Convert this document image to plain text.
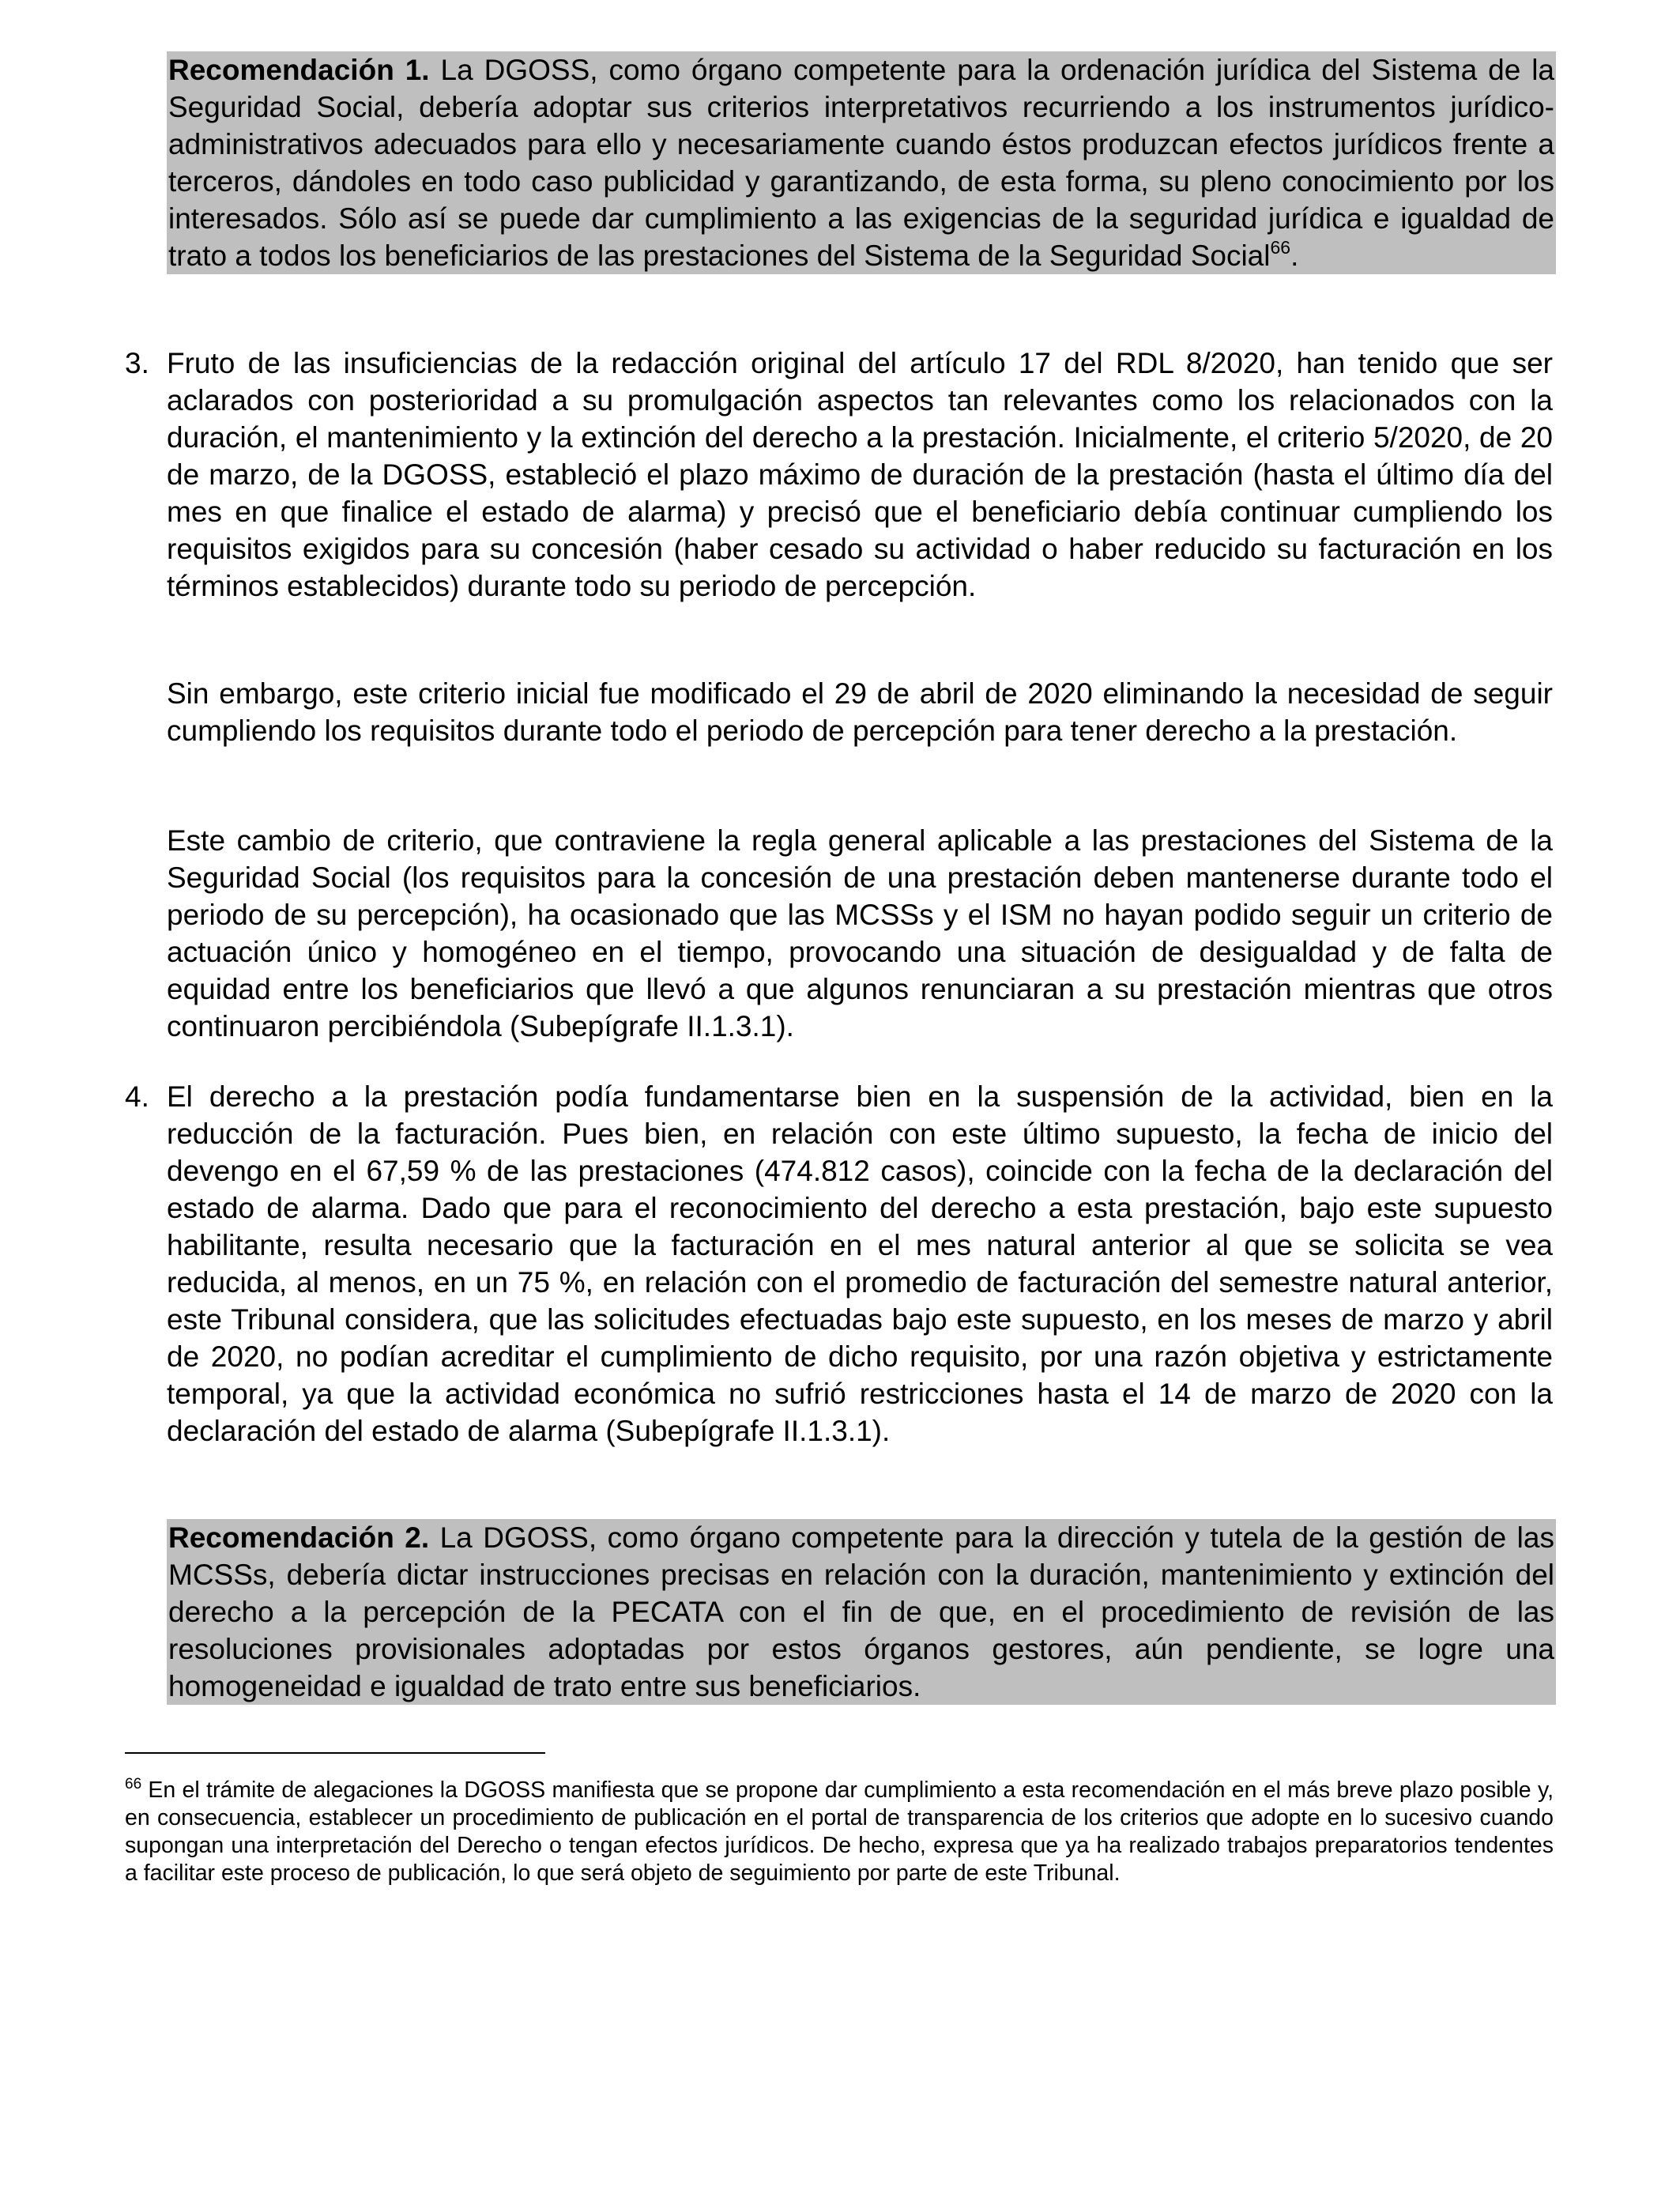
Recomendación 1. La DGOSS, como órgano competente para la ordenación jurídica del Sistema de la Seguridad Social, debería adoptar sus criterios interpretativos recurriendo a los instrumentos jurídico-administrativos adecuados para ello y necesariamente cuando éstos produzcan efectos jurídicos frente a terceros, dándoles en todo caso publicidad y garantizando, de esta forma, su pleno conocimiento por los interesados. Sólo así se puede dar cumplimiento a las exigencias de la seguridad jurídica e igualdad de trato a todos los beneficiarios de las prestaciones del Sistema de la Seguridad Social$^{66}$.

3. Fruto de las insuficiencias de la redacción original del artículo 17 del RDL 8/2020, han tenido que ser aclarados con posterioridad a su promulgación aspectos tan relevantes como los relacionados con la duración, el mantenimiento y la extinción del derecho a la prestación. Inicialmente, el criterio 5/2020, de 20 de marzo, de la DGOSS, estableció el plazo máximo de duración de la prestación (hasta el último día del mes en que finalice el estado de alarma) y precisó que el beneficiario debía continuar cumpliendo los requisitos exigidos para su concesión (haber cesado su actividad o haber reducido su facturación en los términos establecidos) durante todo su periodo de percepción.

Sin embargo, este criterio inicial fue modificado el 29 de abril de 2020 eliminando la necesidad de seguir cumpliendo los requisitos durante todo el periodo de percepción para tener derecho a la prestación.

Este cambio de criterio, que contraviene la regla general aplicable a las prestaciones del Sistema de la Seguridad Social (los requisitos para la concesión de una prestación deben mantenerse durante todo el periodo de su percepción), ha ocasionado que las MCSSs y el ISM no hayan podido seguir un criterio de actuación único y homogéneo en el tiempo, provocando una situación de desigualdad y de falta de equidad entre los beneficiarios que llevó a que algunos renunciaran a su prestación mientras que otros continuaron percibiéndola (Subepígrafe II.1.3.1).

4. El derecho a la prestación podía fundamentarse bien en la suspensión de la actividad, bien en la reducción de la facturación. Pues bien, en relación con este último supuesto, la fecha de inicio del devengo en el 67,59 % de las prestaciones (474.812 casos), coincide con la fecha de la declaración del estado de alarma. Dado que para el reconocimiento del derecho a esta prestación, bajo este supuesto habilitante, resulta necesario que la facturación en el mes natural anterior al que se solicita se vea reducida, al menos, en un 75 %, en relación con el promedio de facturación del semestre natural anterior, este Tribunal considera, que las solicitudes efectuadas bajo este supuesto, en los meses de marzo y abril de 2020, no podían acreditar el cumplimiento de dicho requisito, por una razón objetiva y estrictamente temporal, ya que la actividad económica no sufrió restricciones hasta el 14 de marzo de 2020 con la declaración del estado de alarma (Subepígrafe II.1.3.1).

Recomendación 2. La DGOSS, como órgano competente para la dirección y tutela de la gestión de las MCSSs, debería dictar instrucciones precisas en relación con la duración, mantenimiento y extinción del derecho a la percepción de la PECATA con el fin de que, en el procedimiento de revisión de las resoluciones provisionales adoptadas por estos órganos gestores, aún pendiente, se logre una homogeneidad e igualdad de trato entre sus beneficiarios.

$^{66}$ En el trámite de alegaciones la DGOSS manifiesta que se propone dar cumplimiento a esta recomendación en el más breve plazo posible y, en consecuencia, establecer un procedimiento de publicación en el portal de transparencia de los criterios que adopte en lo sucesivo cuando supongan una interpretación del Derecho o tengan efectos jurídicos. De hecho, expresa que ya ha realizado trabajos preparatorios tendentes a facilitar este proceso de publicación, lo que será objeto de seguimiento por parte de este Tribunal.
